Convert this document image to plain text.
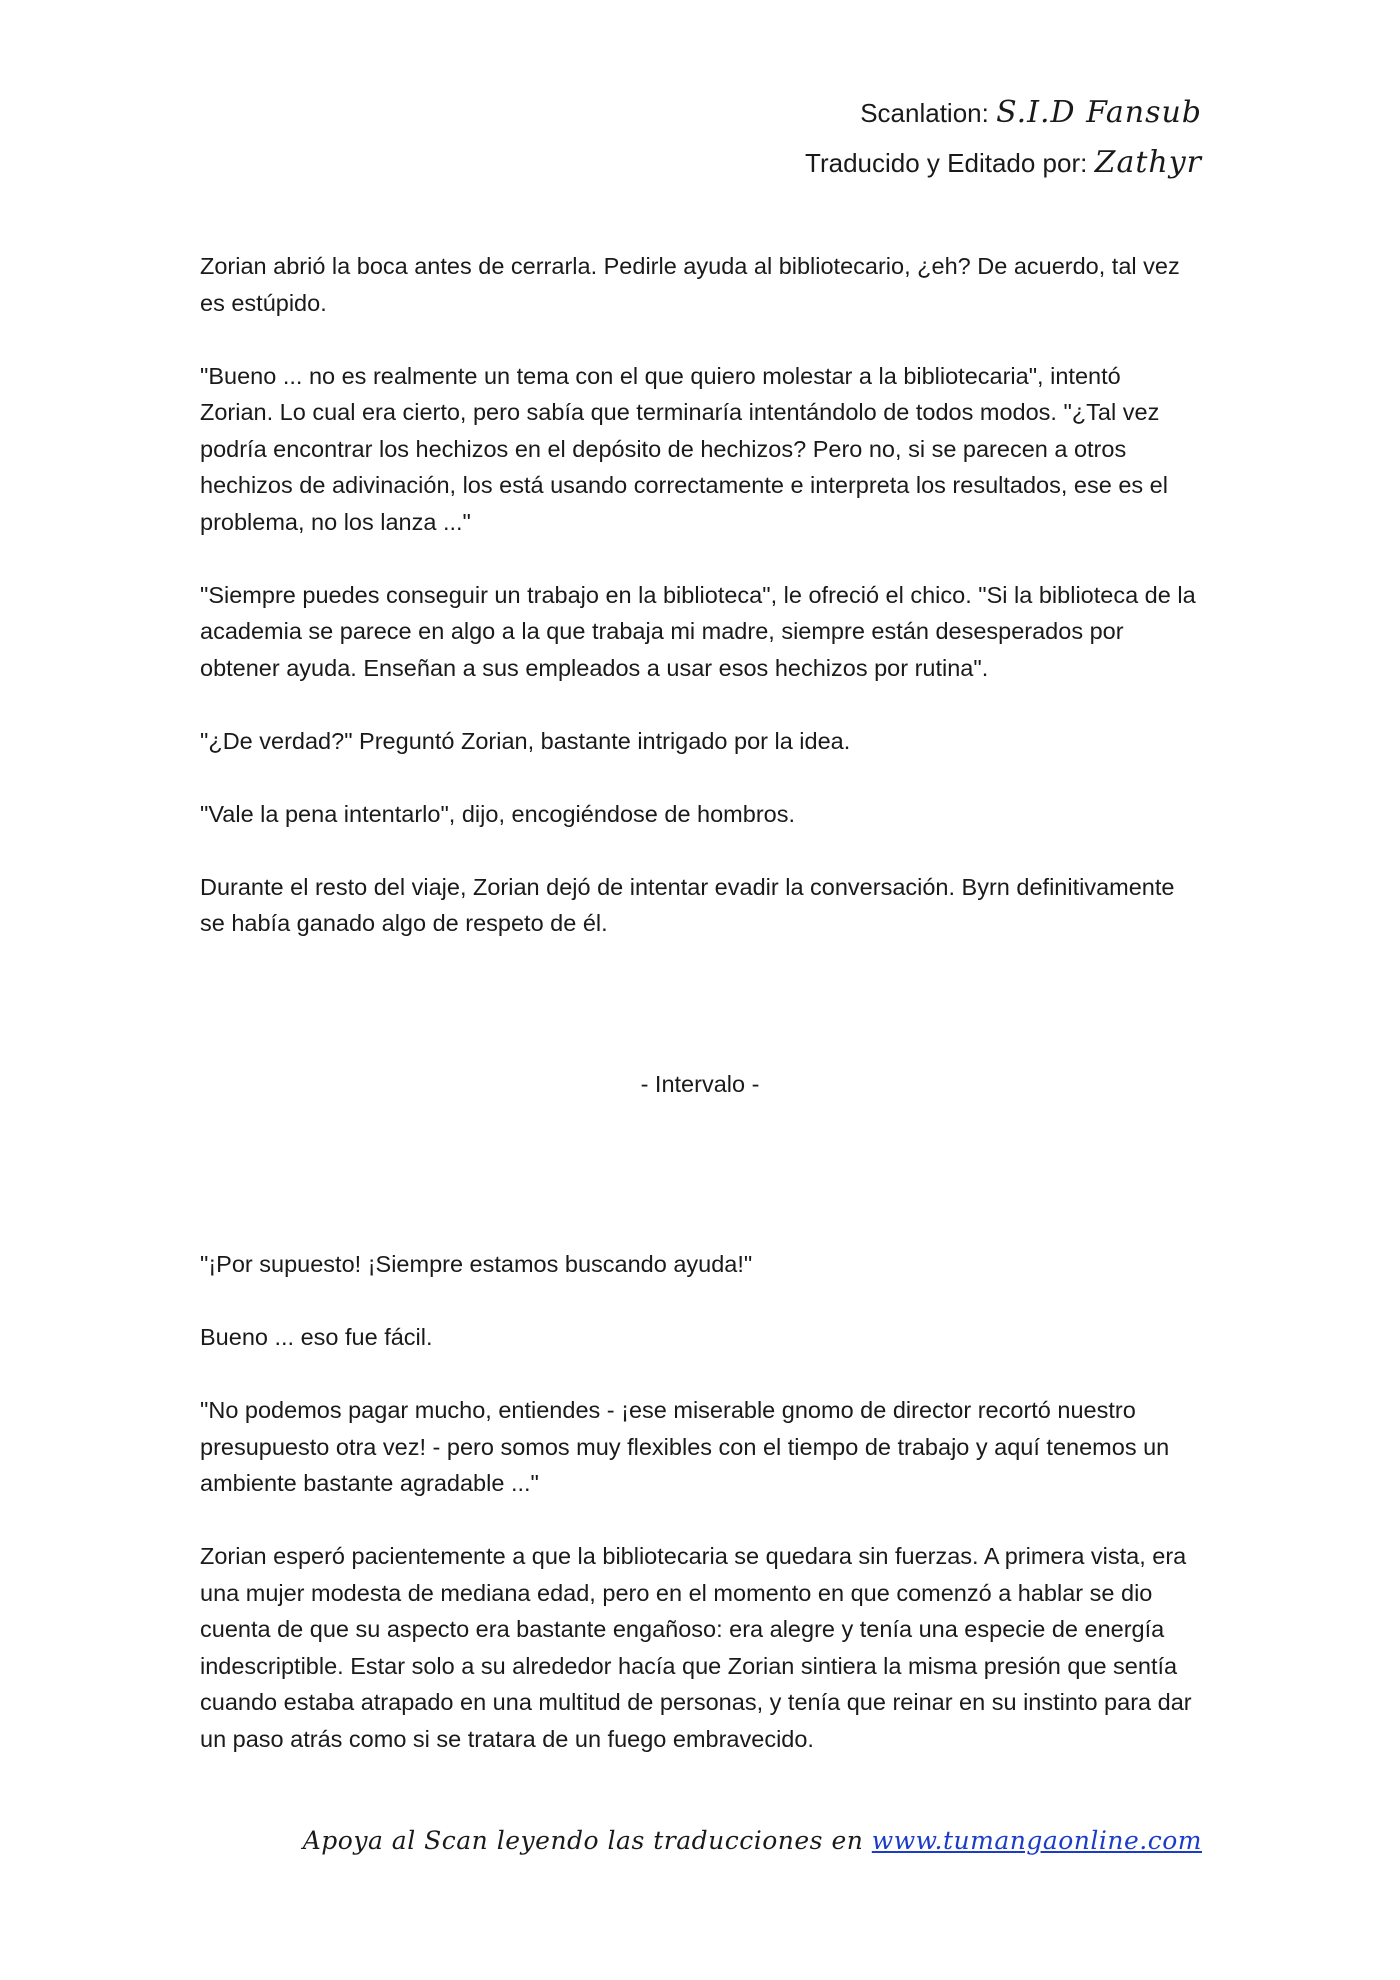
Scanlation: S.I.D Fansub
Traducido y Editado por: Zathyr

Zorian abrió la boca antes de cerrarla. Pedirle ayuda al bibliotecario, ¿eh? De acuerdo, tal vez es estúpido.

"Bueno ... no es realmente un tema con el que quiero molestar a la bibliotecaria", intentó Zorian. Lo cual era cierto, pero sabía que terminaría intentándolo de todos modos. "¿Tal vez podría encontrar los hechizos en el depósito de hechizos? Pero no, si se parecen a otros hechizos de adivinación, los está usando correctamente e interpreta los resultados, ese es el problema, no los lanza ..."

"Siempre puedes conseguir un trabajo en la biblioteca", le ofreció el chico. "Si la biblioteca de la academia se parece en algo a la que trabaja mi madre, siempre están desesperados por obtener ayuda. Enseñan a sus empleados a usar esos hechizos por rutina".

"¿De verdad?" Preguntó Zorian, bastante intrigado por la idea.

"Vale la pena intentarlo", dijo, encogiéndose de hombros.

Durante el resto del viaje, Zorian dejó de intentar evadir la conversación. Byrn definitivamente se había ganado algo de respeto de él.

- Intervalo -

"¡Por supuesto! ¡Siempre estamos buscando ayuda!"

Bueno ... eso fue fácil.

"No podemos pagar mucho, entiendes - ¡ese miserable gnomo de director recortó nuestro presupuesto otra vez! - pero somos muy flexibles con el tiempo de trabajo y aquí tenemos un ambiente bastante agradable ..."

Zorian esperó pacientemente a que la bibliotecaria se quedara sin fuerzas. A primera vista, era una mujer modesta de mediana edad, pero en el momento en que comenzó a hablar se dio cuenta de que su aspecto era bastante engañoso: era alegre y tenía una especie de energía indescriptible. Estar solo a su alrededor hacía que Zorian sintiera la misma presión que sentía cuando estaba atrapado en una multitud de personas, y tenía que reinar en su instinto para dar un paso atrás como si se tratara de un fuego embravecido.

Apoya al Scan leyendo las traducciones en www.tumangaonline.com
